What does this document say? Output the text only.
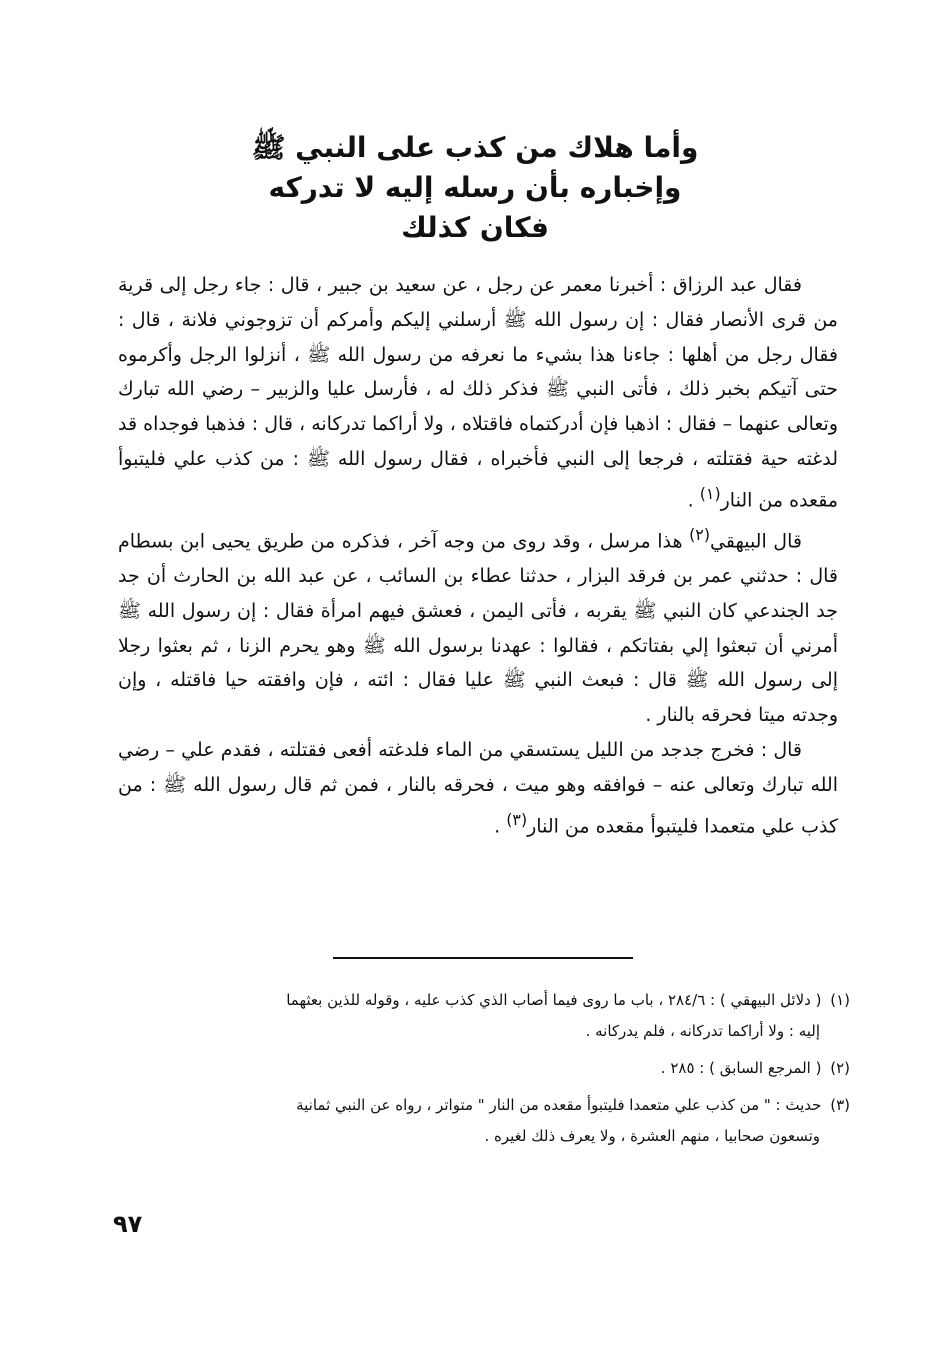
وأما هلاك من كذب على النبي ﷺ
وإخباره بأن رسله إليه لا تدركه
فكان كذلك

فقال عبد الرزاق : أخبرنا معمر عن رجل ، عن سعيد بن جبير ، قال : جاء رجل إلى قرية من قرى الأنصار فقال : إن رسول الله ﷺ أرسلني إليكم وأمركم أن تزوجوني فلانة ، قال : فقال رجل من أهلها : جاءنا هذا بشيء ما نعرفه من رسول الله ﷺ ، أنزلوا الرجل وأكرموه حتى آتيكم بخبر ذلك ، فأتى النبي ﷺ فذكر ذلك له ، فأرسل عليا والزبير – رضي الله تبارك وتعالى عنهما – فقال : اذهبا فإن أدركتماه فاقتلاه ، ولا أراكما تدركانه ، قال : فذهبا فوجداه قد لدغته حية فقتلته ، فرجعا إلى النبي فأخبراه ، فقال رسول الله ﷺ : من كذب علي فليتبوأ مقعده من النار$^{(١)}$ .

قال البيهقي$^{(٢)}$ هذا مرسل ، وقد روى من وجه آخر ، فذكره من طريق يحيى ابن بسطام قال : حدثني عمر بن فرقد البزار ، حدثنا عطاء بن السائب ، عن عبد الله بن الحارث أن جد جد الجندعي كان النبي ﷺ يقربه ، فأتى اليمن ، فعشق فيهم امرأة فقال : إن رسول الله ﷺ أمرني أن تبعثوا إلي بفتاتكم ، فقالوا : عهدنا برسول الله ﷺ وهو يحرم الزنا ، ثم بعثوا رجلا إلى رسول الله ﷺ قال : فبعث النبي ﷺ عليا فقال : ائته ، فإن وافقته حيا فاقتله ، وإن وجدته ميتا فحرقه بالنار .

قال : فخرج جدجد من الليل يستسقي من الماء فلدغته أفعى فقتلته ، فقدم علي – رضي الله تبارك وتعالى عنه – فوافقه وهو ميت ، فحرقه بالنار ، فمن ثم قال رسول الله ﷺ : من كذب علي متعمدا فليتبوأ مقعده من النار$^{(٣)}$ .

(١) ( دلائل البيهقي ) : ٢٨٤/٦ ، باب ما روى فيما أصاب الذي كذب عليه ، وقوله للذين بعثهما
إليه : ولا أراكما تدركانه ، فلم يدركانه .
(٢) ( المرجع السابق ) : ٢٨٥ .
(٣) حديث : " من كذب علي متعمدا فليتبوأ مقعده من النار " متواتر ، رواه عن النبي ثمانية
وتسعون صحابيا ، منهم العشرة ، ولا يعرف ذلك لغيره .
٩٧
